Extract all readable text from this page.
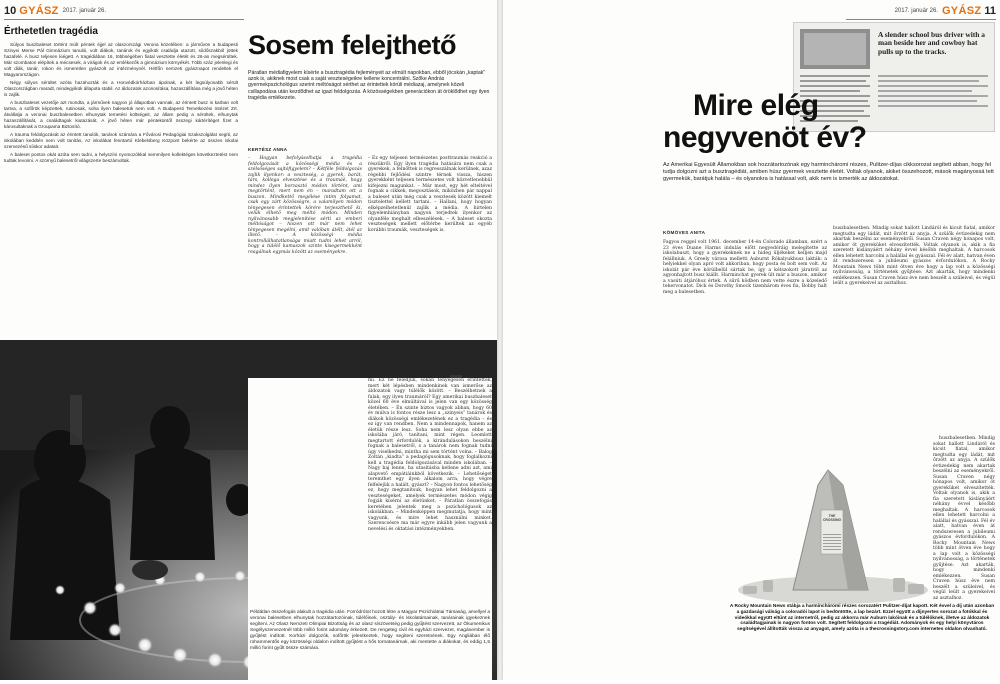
10 GYÁSZ 2017. január 26.
Érthetetlen tragédia

Súlyos buszbaleset történt múlt péntek éjjel az olaszországi Verona közelében: a járművön a budapesti Szinyei Merse Pál Gimnázium tanulói, volt diákok, tanárok és egyikük családja utazott, síidőszakból jöttek hazafelé. A busz teljesen kiégett. A tragédiában 16, többségében fiatal vesztette életét és 26-an megsérültek. Már szombaton elépítek a mécsesek, a virágok és az emlékezők a gimnázium környékét. Több száz jelenlegi és volt diák, tanár, rokon és ismeretlen gyászolt az intézménynél. Hétfőn nemzeti gyásznapot rendeltek el Magyarországon.

Négy súlyos sérültet azóta hazahozták és a Honvédkórházban ápolnak, a két legsúlyosabb sérült Olaszországban maradt, mindegyikük állapota stabil. Az áldozatok azonosítása, hazaszállítása még a jövő héten is zajlik.

A buszbaleset vezetője azt mondta, a járművek nagyon jó állapotban vannak, az érintett busz is karban volt tartva, a sofőrök képzettek, rutinosak, soha ilyen balesetük nem volt. A Budapesti Temetkezési Intézet Zrt. átvállalja a veronai buszbalesetben elhunytak temetési költségeit, az állam pedig a sérültek, elhunytak hazaszállítását, a családtagok kiutazását. A jövő héten már pénteküntől összegi kártérítéget fizet a károsultaknak a Groupama Biztosító.

A trauma feldolgozását az érintett tanulók, tanárok számára a Fővárosi Pedagógiai Szakszolgálat segíti, az iskolában keddtén nem volt tanítás. Az iskolákat fenntartó Klebelsberg Központ bekérte az összes iskolai szervezésű síiskor adatait.

A baleset pontos okát azóta sem tudni, a helyszíni nyomozókkal semmilyen kollektéges következtetést nem tudtak levonni. A szörnyű balesetről világszerte beszámoltak.

Sosem felejthető
Páratlan médiafigyelem kísérte a busztragédia fejleményeit az elmúlt napokban, ebből jócskán „kaptak” azok is, akiknek most csak a saját veszteségeikre kellene koncentrálni. Szőke András gyermekpszichológus szerint méltóságot sérthet az érintettek körüli médiazaj, amelynek közeli csillapodása után kezdődhet az igazi feldolgozás. A közösségekben generációkon át öröklődhet egy ilyen tragédia emlékezete.
KERTÉSZ ANNA
– Hogyan befolyásolhatja a tragédia feldolgozását a közösségi média és a szélsőséges sajtófigyelem? – Kétféle feldolgozás zajlik ilyenkor: a veszteség, a gyerek, barát, társ, kollega elvesztése és a traumáé, hogy mindez ilyen borzasztó módon történt, ami megtörtént, mert nem én – maradtam ott a buszon. Mindkettő megélése intim folyamat, csak egy zárt közösségre, a valamilyen módon tényegesen érintettek körére terjeszthető ki, velük élhető meg méltó módon. Minden nyilvánosabb megjelenítése sérti az emberi méltóságot – hiszen ott már nem lehet tényegesen megélni, amit valóban átélt, átél az illető. – A közösségi média kontrollálhatatlansága miatt tudni lehet arról, hogy a túlélő kamaszok szinte kísegermekként reagálnak egymás között az eseményekre.
– Ez egy teljesen természetes posttraumás reakció a részükről. Egy ilyen tragédia hatására nem csak a gyerekek, a felnőttek is regresszálnak kerülnek, azaz régebbi fejlődési szintre térnek vissza, hiszen gyerekként teljesen természetes volt közvetlenebbül kifejezni magunkat. – Már most, egy hét elteltével fognak a cikkek, megosztások, miközben pár nappal a baleset után még csak a vesztesek között kiemelt tisztelettel kellett tartani. – Hallani, hogy hogyan elképzelhetetlenül zajlik a média. A hirtelen figyelemhiányban nagyon terjedtek ilyenkor az olyanféle meghalt elbeszélések. – A baleset okozta veszteségek mellett előtérbe kerültek az egyéb korábbi traumák, veszteségek is.
mi. Ez ne feledjük, sokan tényegesen érintettek, mert két lépésben mindenkinek van ismerőse az áldozatok vagy túlélők között. – Beszélhetnek a falak, egy ilyen traumáról? Egy amerikai buszbaleset közel 60 éve elmúltával is jelen van egy közösség életében. – Én szinte biztos vagyok abban, hogy 60 év múlva is fontos része lesz a „szinyeis” tanárok és diákok közösségi emlékezetének ez a tragédia – és ez így van rendben. Nem a mindennapok, hanem az életük része lesz. Soha nem lesz olyan ebbe az iskolába járó, tanítani, mint régen. Leomlott megtartott érfordulók, a kirándulásokon beszélni fognak a balesetről, s a tanárok nem fognak tudni úgy viselkedni, mintha mi sem történt volna. – Balog Zoltán „kiadta” a pedagógusoknak, hogy foglalkozni kell a tragédia feldolgozásával minden iskolában. – Nagy baj lenne, ha utasításba kellene adni azt, ami alapvető empátiáinkból következik. – Lehetőséget teremthet egy ilyen alkalom arra, hogy végre felfelejük a halált, gyászt? – Nagyon fontos lehetőség ez, hogy megtanítsuk, hogyan lehet feldolgozni a veszteségeket, amelyek természetes módon végig fogják kísérni az életünket. – Páratlan összefogás keretében jelentek meg a pszichológusok az iskolákban. – Mindenképpen megmutatja, hogy mint vagyunk, és mire lehet használni minket. Szerencsésre ma már egyre inkább jelen vagyunk a nevelési és oktatási intézményekben.
Példátlan összefogás alakult a tragédia után. Forródrótot hozott létre a Magyar Pszichiátriai Társaság, amellyel a veronai balesetben elhunytak hozzátartozóinak, túlélőinek, osztály- és iskolatársainak, tanárainak igyekeznek segíteni. Az Olasz Nemzeti Olimpiai Bizottság és az olasz síszövetség pedig gyűjtést szervezett, az Ökumenikus Segélyszervezetnél több millió forint adomány érkezett. De rengeteg civil és egyházi szervezet, magánember is gyűjtést indított. Korházi dolgozók, sofőrök jelentkeztek, hogy segíteni szeretnének. Egy Angliában élő rohammentős egy közösségi oldalon indított gyűjtést a hős tornatanárnak, aki mentette a diákokat, és eddig 1,5 millió forint gyűlt össze számára.
2017. január 26. GYÁSZ 11
A slender school bus driver with a man beside her and cowboy hat pulls up to the tracks.
Mire elég
negyvenöt év?
Az Amerikai Egyesült Államokban sok hozzátartozónak egy harmincháromi részes, Pulitzer-díjas cikksorozat segített abban, hogy fel tudja dolgozni azt a busztragédiát, amiben húsz gyermek vesztette életét. Voltak olyanok, akiket összehozott, mások magányossá tett gyermekük, barátjuk halála – és olyanokra is hatással volt, akik nem is ismerték az áldozatokat.
KÖMÖVES ANITA
Fagyos reggel volt 1961. december 14-én Colorado államban, ezért a 23 éves Duane Harms indulás előtt negyedóráig melegítette az iskolabuszt, hogy a gyerekeknek ne a hideg üljékeket kelljen majd felállniuk. A Greely városa melletti Auburnt Rókalyukbusz lakták: a helyiekkel olyan apró volt akkoriban, hogy posta és bolt sem volt. Az iskolát pár éve körülbelül sártak be, így a kétszokott járatról az agyonhajtott busz kiállt. Harminchat gyerek ült már a buszon, amikor a vasúti átjáróhoz értek. A sűrű ködben nem vette észre a közeledő tehervonatot. Dick és Dorothy Smock tizenhárom éves fia, Bobby halt meg a balesetben.
buszbalesetben. Mindig sokat hallott Lindáról és kicsit fiatal, amikor megtudta egy ládát, mit őrzött az anyja. A szülők évtizedekig nem akartak beszélni az eseményekről. Susan Craven négy hónapos volt, amikor öt gyereküket elveszítették. Voltak olyanok is, akik a fia szeretett kislányáért néhány évvel később meghaltak. A harcosok ellen lehetett harcolni a halállal és gyásszal. Fél év alatt, hatvan éven át rendszeresen a jubileumi gyászos évfordulókon. A Rocky Mountain News több mint ötven éve hogy a lap volt a közösségi nyilvánosság, a történetek gyűjtése. Azt akarták, hogy mindenki emlékezzen. Susan Craven húsz éve nem beszélt a szüleivel, és végül leült a gyerekeivel az asztalhoz.
THE CROSSING

buszbalesetben. Mindig sokat hallott Lindáról és kicsit fiatal, amikor megtudta egy ládát, mit őrzött az anyja. A szülők évtizedekig nem akartak beszélni az eseményekről. Susan Craven négy hónapos volt, amikor öt gyereküket elveszítették. Voltak olyanok is, akik a fia szeretett kislányáért néhány évvel később meghaltak. A harcosok ellen lehetett harcolni a halállal és gyásszal. Fél év alatt, hatvan éven át rendszeresen a jubileumi gyászos évfordulókon. A Rocky Mountain News több mint ötven éve hogy a lap volt a közösségi nyilvánosság, a történetek gyűjtése. Azt akarták, hogy mindenki emlékezzen. Susan Craven húsz éve nem beszélt a szüleivel, és végül leült a gyerekeivel az asztalhoz.

A Rocky Mountain News stábja a harmincháromi részes sorozatért Pulitzer-díjat kapott. Két évvel a díj után azonban a gazdasági válság a coloradói lapot is bedöntötte, a lap bezárt. Ezzel együtt a díjnyertes sorozat a fotókkal és videókkal együtt eltűnt az internetről, pedig az akkorra már Auburn lakóinak és a túlélőknek, illetve az áldozatok családtagjainak is nagyon fontos volt. Segített feldolgozni a tragédiát. Adományok és egy helyi könyvtáros segítségével állították vissza az anyagot, amely azóta is a thecrossingstory.com internetes oldalon olvasható.
